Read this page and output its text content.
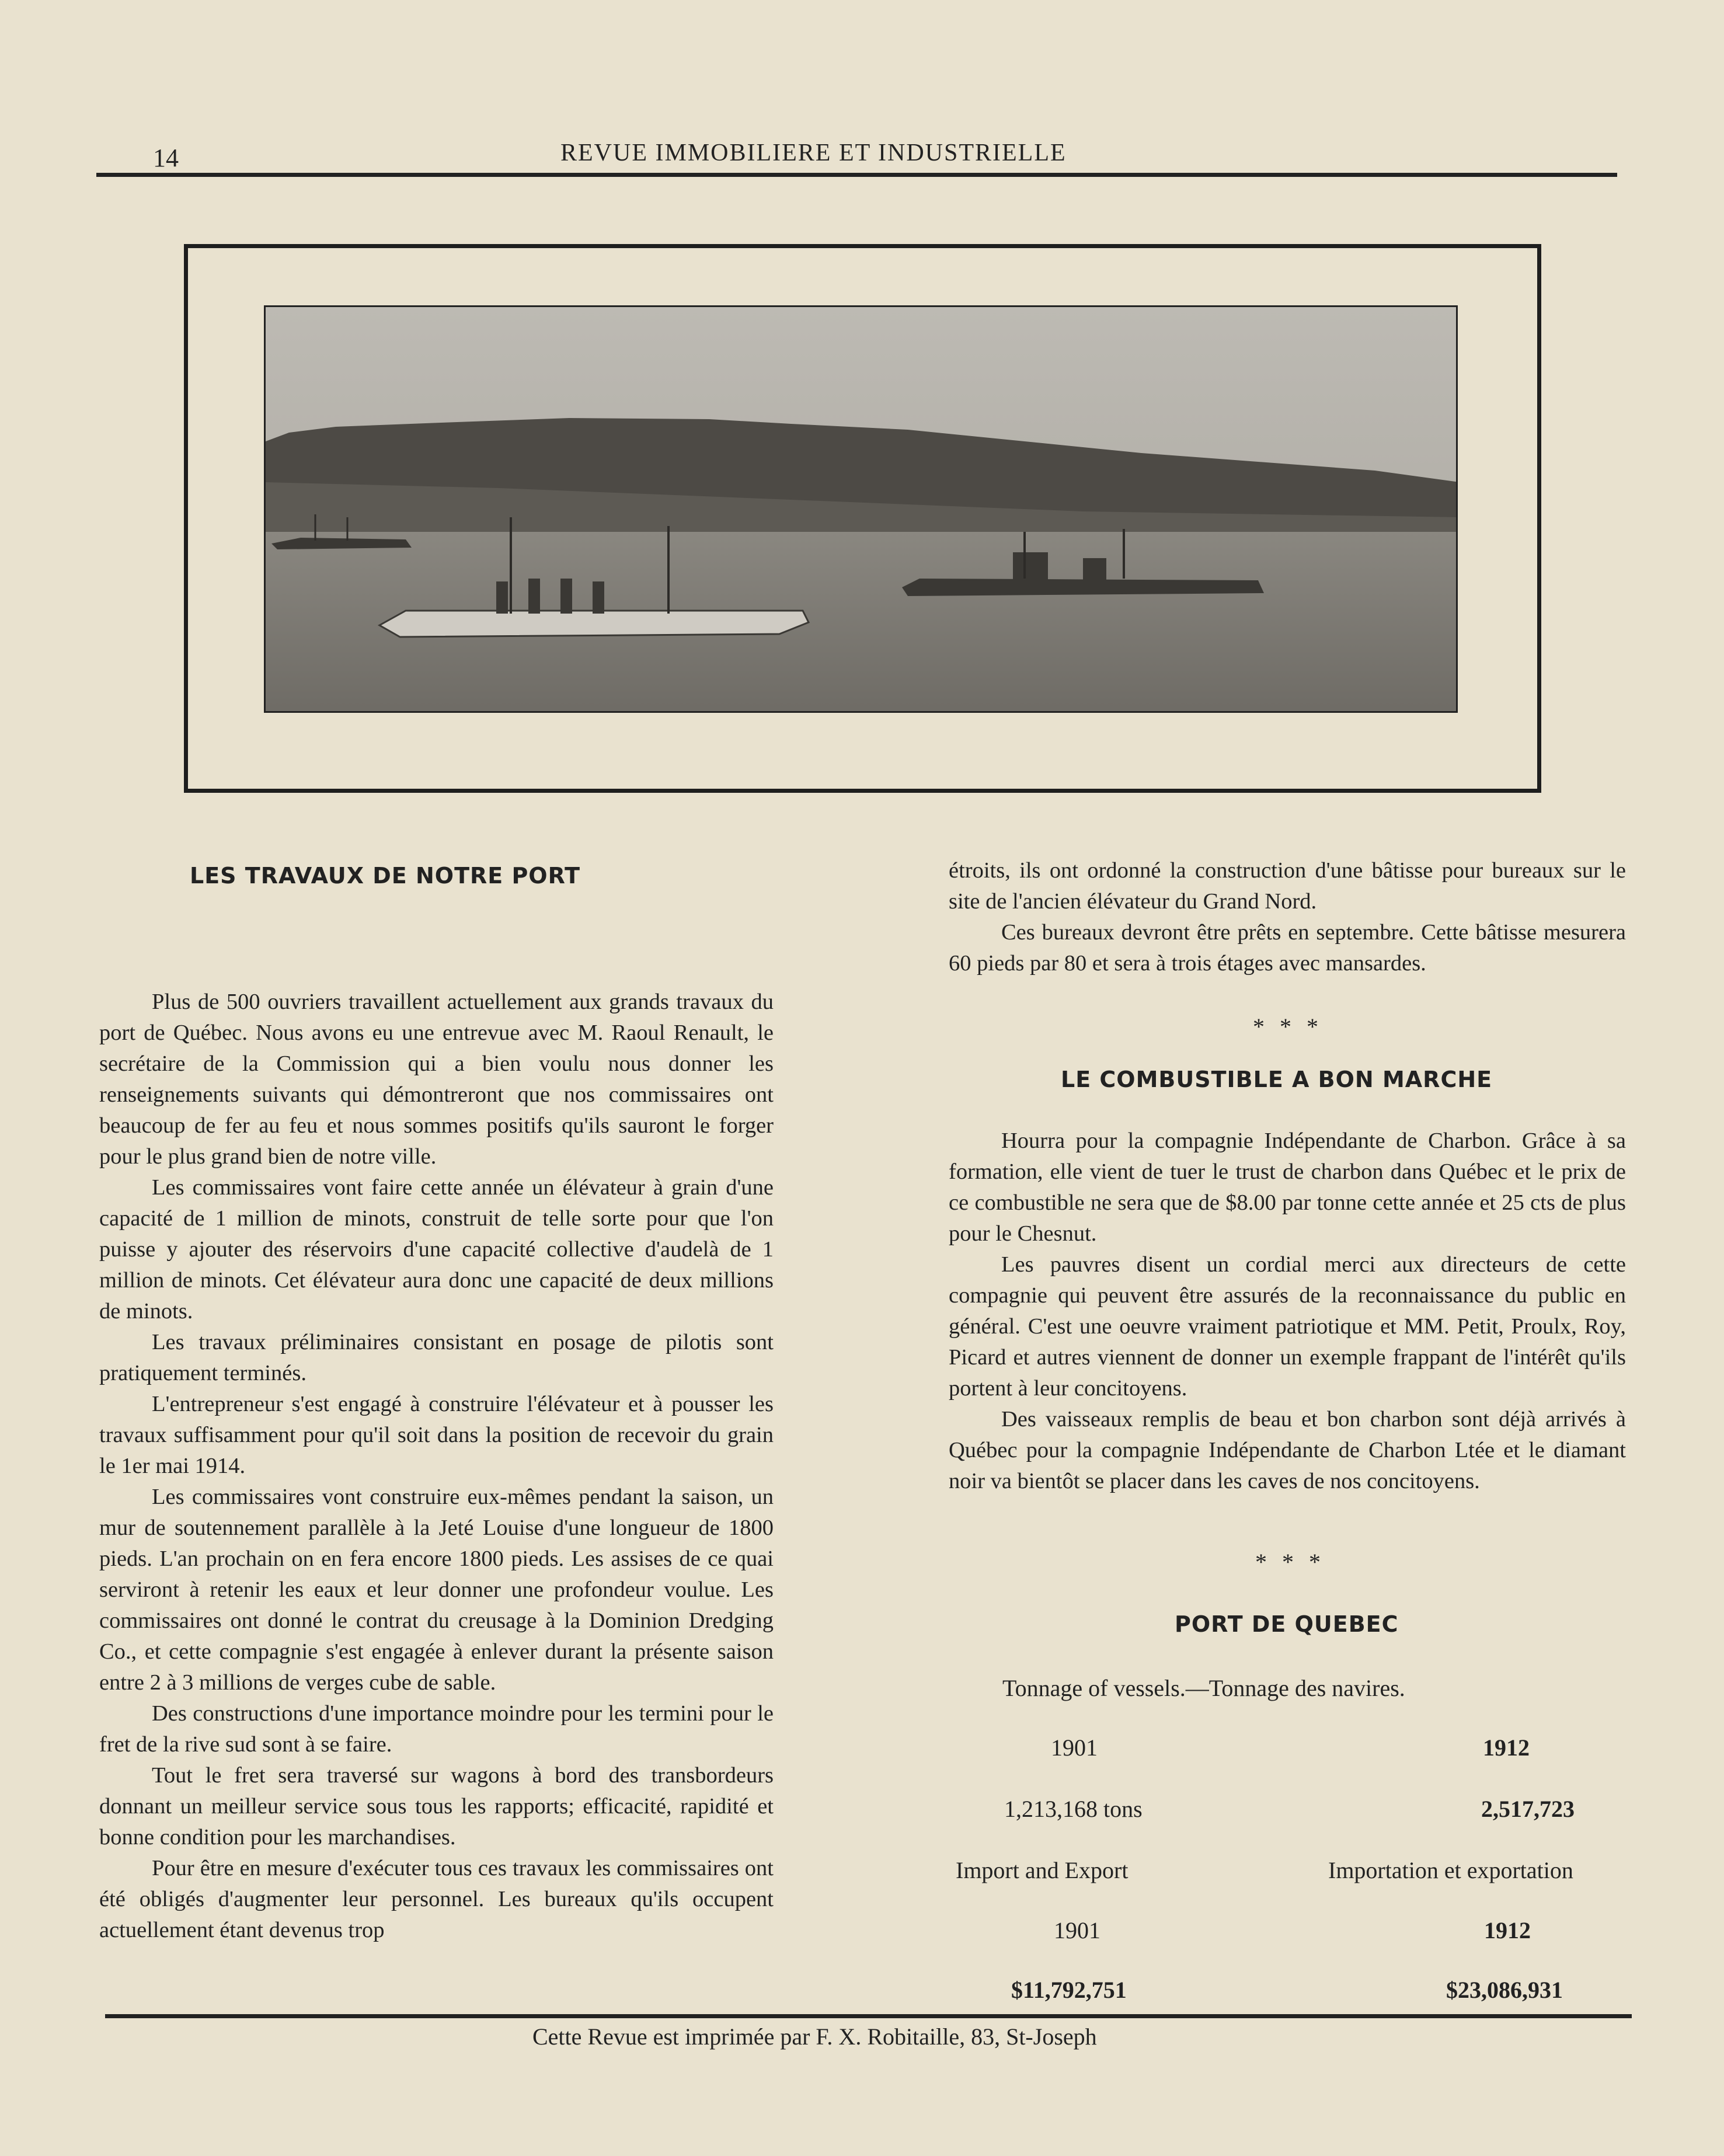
14	REVUE IMMOBILIERE ET INDUSTRIELLE
LES TRAVAUX DE NOTRE PORT

Plus de 500 ouvriers travaillent actuellement aux grands travaux du port de Québec. Nous avons eu une entrevue avec M. Raoul Renault, le secrétaire de la Commission qui a bien voulu nous donner les renseignements suivants qui démontreront que nos commissaires ont beaucoup de fer au feu et nous sommes positifs qu'ils sauront le forger pour le plus grand bien de notre ville.

Les commissaires vont faire cette année un élévateur à grain d'une capacité de 1 million de minots, construit de telle sorte pour que l'on puisse y ajouter des réservoirs d'une capacité collective d'audelà de 1 million de minots. Cet élévateur aura donc une capacité de deux millions de minots.

Les travaux préliminaires consistant en posage de pilotis sont pratiquement terminés.

L'entrepreneur s'est engagé à construire l'élévateur et à pousser les travaux suffisamment pour qu'il soit dans la position de recevoir du grain le 1er mai 1914.

Les commissaires vont construire eux-mêmes pendant la saison, un mur de soutennement parallèle à la Jeté Louise d'une longueur de 1800 pieds. L'an prochain on en fera encore 1800 pieds. Les assises de ce quai serviront à retenir les eaux et leur donner une profondeur voulue. Les commissaires ont donné le contrat du creusage à la Dominion Dredging Co., et cette compagnie s'est engagée à enlever durant la présente saison entre 2 à 3 millions de verges cube de sable.

Des constructions d'une importance moindre pour les termini pour le fret de la rive sud sont à se faire.

Tout le fret sera traversé sur wagons à bord des transbordeurs donnant un meilleur service sous tous les rapports; efficacité, rapidité et bonne condition pour les marchandises.

Pour être en mesure d'exécuter tous ces travaux les commissaires ont été obligés d'augmenter leur personnel. Les bureaux qu'ils occupent actuellement étant devenus trop

étroits, ils ont ordonné la construction d'une bâtisse pour bureaux sur le site de l'ancien élévateur du Grand Nord.

Ces bureaux devront être prêts en septembre. Cette bâtisse mesurera 60 pieds par 80 et sera à trois étages avec mansardes.

* * *
LE COMBUSTIBLE A BON MARCHE

Hourra pour la compagnie Indépendante de Charbon. Grâce à sa formation, elle vient de tuer le trust de charbon dans Québec et le prix de ce combustible ne sera que de $8.00 par tonne cette année et 25 cts de plus pour le Chesnut.

Les pauvres disent un cordial merci aux directeurs de cette compagnie qui peuvent être assurés de la reconnaissance du public en général. C'est une oeuvre vraiment patriotique et MM. Petit, Proulx, Roy, Picard et autres viennent de donner un exemple frappant de l'intérêt qu'ils portent à leur concitoyens.

Des vaisseaux remplis de beau et bon charbon sont déjà arrivés à Québec pour la compagnie Indépendante de Charbon Ltée et le diamant noir va bientôt se placer dans les caves de nos concitoyens.

* * *
PORT DE QUEBEC
Tonnage of vessels.—Tonnage des navires.
1901	1912
1,213,168 tons	2,517,723
Import and Export	Importation et exportation
1901	1912
$11,792,751	$23,086,931
Cette Revue est imprimée par F. X. Robitaille, 83, St-Joseph
